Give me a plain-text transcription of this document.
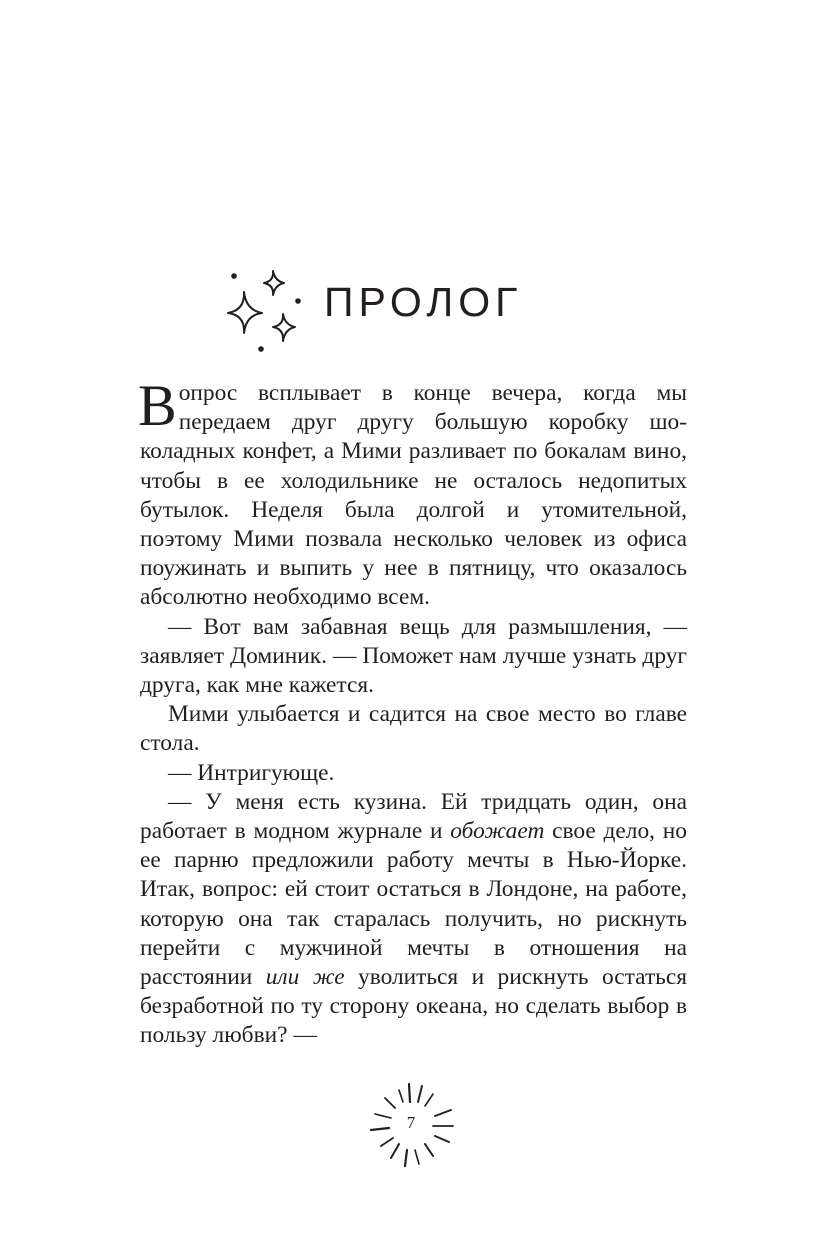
ПРОЛОГ

Вопрос всплывает в конце вечера, когда мы передаем друг другу большую коробку шоколадных конфет, а Мими разливает по бокалам вино, чтобы в ее холодильнике не осталось недопитых бутылок. Неделя была долгой и утомительной, поэтому Мими позвала несколько человек из офиса поужинать и выпить у нее в пятницу, что оказалось абсолютно необходимо всем.

— Вот вам забавная вещь для размышления, — заявляет Доминик. — Поможет нам лучше узнать друг друга, как мне кажется.

Мими улыбается и садится на свое место во главе стола.

— Интригующе.

— У меня есть кузина. Ей тридцать один, она работает в модном журнале и обожает свое дело, но ее парню предложили работу мечты в Нью-Йорке. Итак, вопрос: ей стоит остаться в Лондоне, на работе, которую она так старалась получить, но рискнуть перейти с мужчиной мечты в отношения на расстоянии или же уволиться и рискнуть остаться безработной по ту сторону океана, но сделать выбор в пользу любви? —

7
